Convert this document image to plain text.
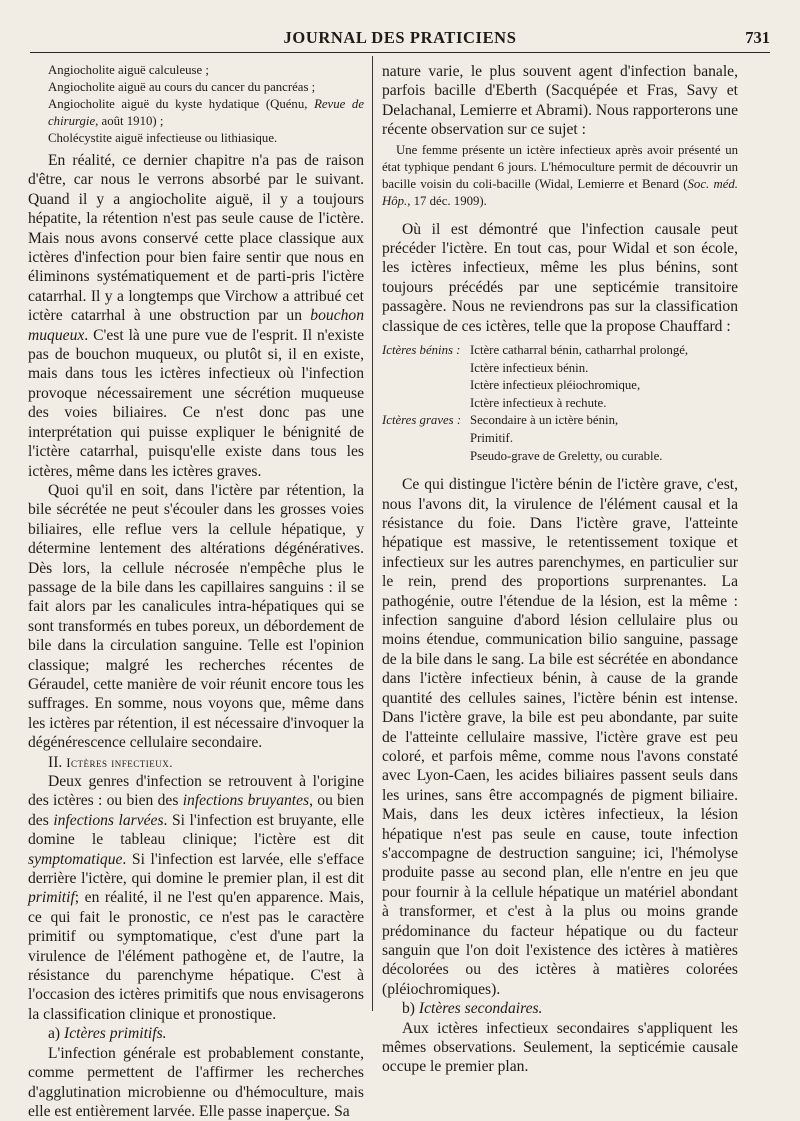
JOURNAL DES PRATICIENS	731
Angiocholite aiguë calculeuse ;
Angiocholite aiguë au cours du cancer du pancréas ;
Angiocholite aiguë du kyste hydatique (Quénu, Revue de chirurgie, août 1910) ;
Cholécystite aiguë infectieuse ou lithiasique.

En réalité, ce dernier chapitre n'a pas de raison d'être, car nous le verrons absorbé par le suivant. Quand il y a angiocholite aiguë, il y a toujours hépatite, la rétention n'est pas seule cause de l'ictère. Mais nous avons conservé cette place classique aux ictères d'infection pour bien faire sentir que nous en éliminons systématiquement et de parti-pris l'ictère catarrhal. Il y a longtemps que Virchow a attribué cet ictère catarrhal à une obstruction par un bouchon muqueux. C'est là une pure vue de l'esprit. Il n'existe pas de bouchon muqueux, ou plutôt si, il en existe, mais dans tous les ictères infectieux où l'infection provoque nécessairement une sécrétion muqueuse des voies biliaires. Ce n'est donc pas une interprétation qui puisse expliquer le bénignité de l'ictère catarrhal, puisqu'elle existe dans tous les ictères, même dans les ictères graves.

Quoi qu'il en soit, dans l'ictère par rétention, la bile sécrétée ne peut s'écouler dans les grosses voies biliaires, elle reflue vers la cellule hépatique, y détermine lentement des altérations dégénératives. Dès lors, la cellule nécrosée n'empêche plus le passage de la bile dans les capillaires sanguins : il se fait alors par les canalicules intra-hépatiques qui se sont transformés en tubes poreux, un débordement de bile dans la circulation sanguine. Telle est l'opinion classique; malgré les recherches récentes de Géraudel, cette manière de voir réunit encore tous les suffrages. En somme, nous voyons que, même dans les ictères par rétention, il est nécessaire d'invoquer la dégénérescence cellulaire secondaire.

II. Ictères infectieux.

Deux genres d'infection se retrouvent à l'origine des ictères : ou bien des infections bruyantes, ou bien des infections larvées. Si l'infection est bruyante, elle domine le tableau clinique; l'ictère est dit symptomatique. Si l'infection est larvée, elle s'efface derrière l'ictère, qui domine le premier plan, il est dit primitif; en réalité, il ne l'est qu'en apparence. Mais, ce qui fait le pronostic, ce n'est pas le caractère primitif ou symptomatique, c'est d'une part la virulence de l'élément pathogène et, de l'autre, la résistance du parenchyme hépatique. C'est à l'occasion des ictères primitifs que nous envisagerons la classification clinique et pronostique.

a) Ictères primitifs.

L'infection générale est probablement constante, comme permettent de l'affirmer les recherches d'agglutination microbienne ou d'hémoculture, mais elle est entièrement larvée. Elle passe inaperçue. Sa

nature varie, le plus souvent agent d'infection banale, parfois bacille d'Eberth (Sacquépée et Fras, Savy et Delachanal, Lemierre et Abrami). Nous rapporterons une récente observation sur ce sujet :

Une femme présente un ictère infectieux après avoir présenté un état typhique pendant 6 jours. L'hémoculture permit de découvrir un bacille voisin du coli-bacille (Widal, Lemierre et Benard (Soc. méd. Hôp., 17 déc. 1909).

Où il est démontré que l'infection causale peut précéder l'ictère. En tout cas, pour Widal et son école, les ictères infectieux, même les plus bénins, sont toujours précédés par une septicémie transitoire passagère. Nous ne reviendrons pas sur la classification classique de ces ictères, telle que la propose Chauffard :

Ictères bénins : Ictère catharral bénin, catharrhal prolongé,
Ictère infectieux bénin.
Ictère infectieux pléiochromique,
Ictère infectieux à rechute.
Ictères graves : Secondaire à un ictère bénin,
Primitif.
Pseudo-grave de Greletty, ou curable.

Ce qui distingue l'ictère bénin de l'ictère grave, c'est, nous l'avons dit, la virulence de l'élément causal et la résistance du foie. Dans l'ictère grave, l'atteinte hépatique est massive, le retentissement toxique et infectieux sur les autres parenchymes, en particulier sur le rein, prend des proportions surprenantes. La pathogénie, outre l'étendue de la lésion, est la même : infection sanguine d'abord lésion cellulaire plus ou moins étendue, communication bilio sanguine, passage de la bile dans le sang. La bile est sécrétée en abondance dans l'ictère infectieux bénin, à cause de la grande quantité des cellules saines, l'ictère bénin est intense. Dans l'ictère grave, la bile est peu abondante, par suite de l'atteinte cellulaire massive, l'ictère grave est peu coloré, et parfois même, comme nous l'avons constaté avec Lyon-Caen, les acides biliaires passent seuls dans les urines, sans être accompagnés de pigment biliaire. Mais, dans les deux ictères infectieux, la lésion hépatique n'est pas seule en cause, toute infection s'accompagne de destruction sanguine; ici, l'hémolyse produite passe au second plan, elle n'entre en jeu que pour fournir à la cellule hépatique un matériel abondant à transformer, et c'est à la plus ou moins grande prédominance du facteur hépatique ou du facteur sanguin que l'on doit l'existence des ictères à matières décolorées ou des ictères à matières colorées (pléiochromiques).

b) Ictères secondaires.

Aux ictères infectieux secondaires s'appliquent les mêmes observations. Seulement, la septicémie causale occupe le premier plan.
